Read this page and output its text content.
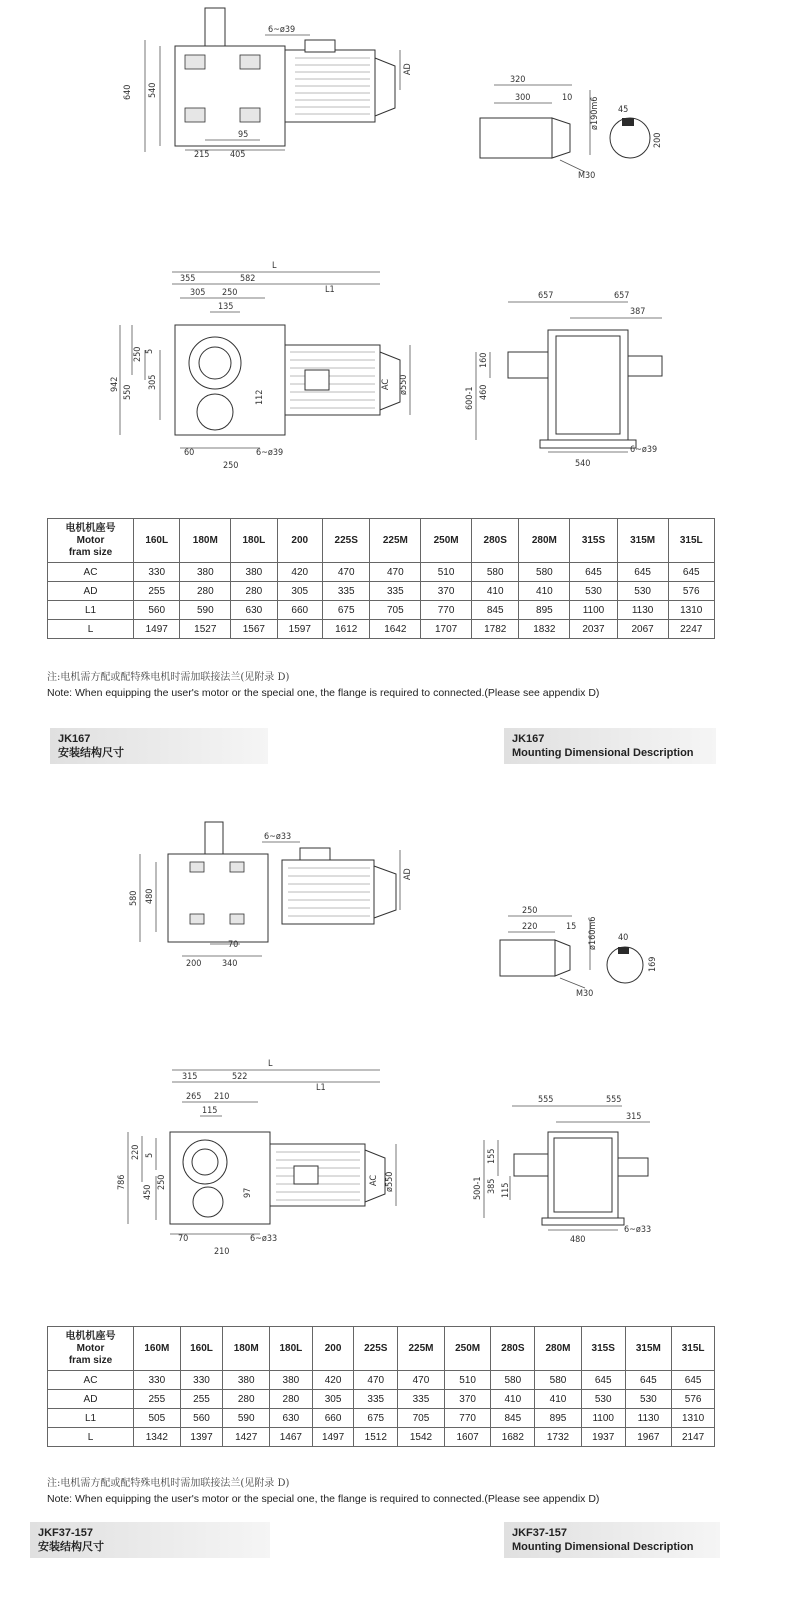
6~ø39
640 540
95
215 405
AD
320
300	10 ø190m6 45
200
M30
L
355	582
L1
305 250
135
250 5
942	305
550	112
60
250
6~ø39
AC ø550
657	657
387
160
460
600-1
540
6~ø39
电机机座号
Motor
fram size	160L	180M	180L	200	225S	225M	250M	280S	280M	315S	315M	315L
AC	330	380	380	420	470	470	510	580	580	645	645	645
AD	255	280	280	305	335	335	370	410	410	530	530	576
L1	560	590	630	660	675	705	770	845	895	1100	1130	1310
L	1497	1527	1567	1597	1612	1642	1707	1782	1832	2037	2067	2247
注:电机需方配或配特殊电机时需加联接法兰(见附录 D)
Note: When equipping the user's motor or the special one, the flange is required to connected.(Please see appendix D)
JK167
安装结构尺寸
JK167
Mounting Dimensional Description
6~ø33
580 480
70
200 340
AD
250
220	15 ø160m6 40
169
M30
L
315	522
L1
265 210
115
555	555
315
220 5
786	250
450	97
70
210
6~ø33
AC ø550
155
385 115
500-1
480
6~ø33
电机机座号
Motor
fram size	160M	160L	180M	180L	200	225S	225M	250M	280S	280M	315S	315M	315L
AC	330	330	380	380	420	470	470	510	580	580	645	645	645
AD	255	255	280	280	305	335	335	370	410	410	530	530	576
L1	505	560	590	630	660	675	705	770	845	895	1100	1130	1310
L	1342	1397	1427	1467	1497	1512	1542	1607	1682	1732	1937	1967	2147
注:电机需方配或配特殊电机时需加联接法兰(见附录 D)
Note: When equipping the user's motor or the special one, the flange is required to connected.(Please see appendix D)
JKF37-157
安装结构尺寸
JKF37-157
Mounting Dimensional Description
